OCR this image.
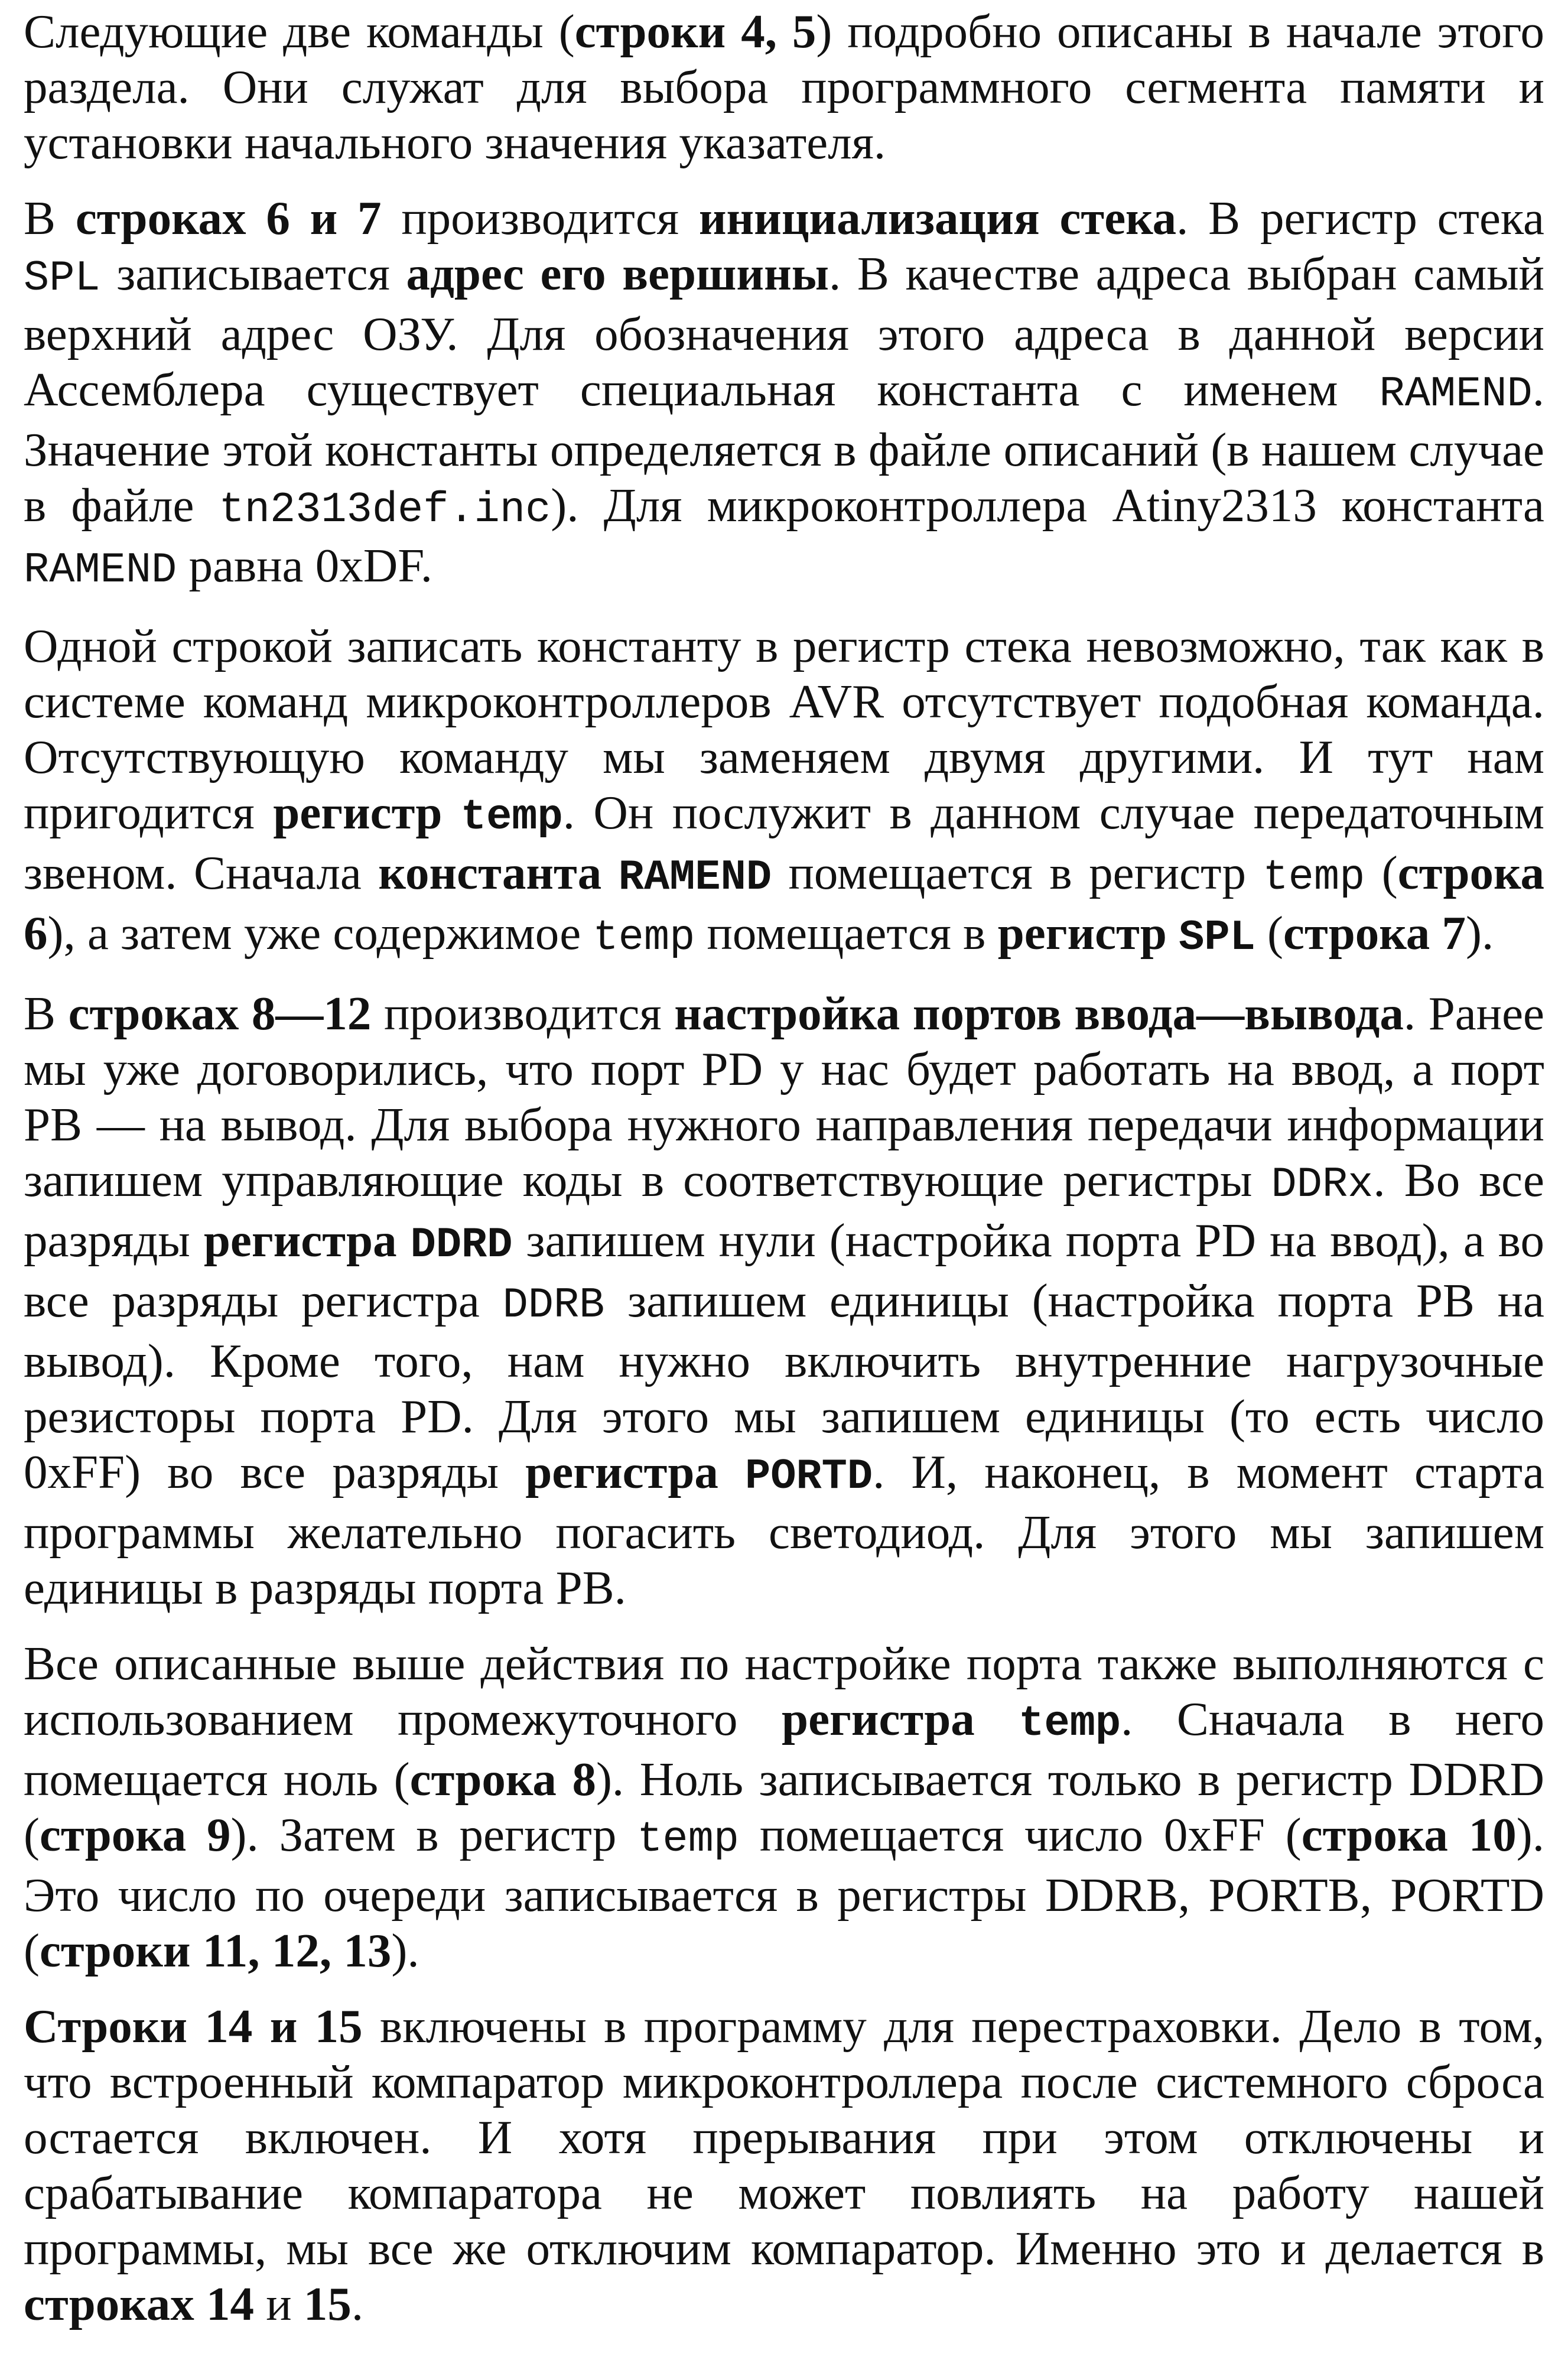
Следующие две команды (строки 4, 5) подробно описаны в начале этого раздела. Они служат для выбора программного сегмента памяти и установки начального значения указателя.

В строках 6 и 7 производится инициализация стека. В регистр стека SPL записывается адрес его вершины. В качестве адреса выбран самый верхний адрес ОЗУ. Для обозначения этого адреса в данной версии Ассемблера существует специальная константа с именем RAMEND. Значение этой константы определяется в файле описаний (в нашем случае в файле tn2313def.inc). Для микроконтроллера Atiny2313 константа RAMEND равна 0xDF.

Одной строкой записать константу в регистр стека невозможно, так как в системе команд микроконтроллеров AVR отсутствует подобная команда. Отсутствующую команду мы заменяем двумя другими. И тут нам пригодится регистр temp. Он послужит в данном случае передаточным звеном. Сначала константа RAMEND помещается в регистр temp (строка 6), а затем уже содержимое temp помещается в регистр SPL (строка 7).

В строках 8—12 производится настройка портов ввода—вывода. Ранее мы уже договорились, что порт PD у нас будет работать на ввод, а порт PB — на вывод. Для выбора нужного направления передачи информации запишем управляющие коды в соответствующие регистры DDRx. Во все разряды регистра DDRD запишем нули (настройка порта PD на ввод), а во все разряды регистра DDRB запишем единицы (настройка порта PB на вывод). Кроме того, нам нужно включить внутренние нагрузочные резисторы порта PD. Для этого мы запишем единицы (то есть число 0xFF) во все разряды регистра PORTD. И, наконец, в момент старта программы желательно погасить светодиод. Для этого мы запишем единицы в разряды порта PB.

Все описанные выше действия по настройке порта также выполняются с использованием промежуточного регистра temp. Сначала в него помещается ноль (строка 8). Ноль записывается только в регистр DDRD (строка 9). Затем в регистр temp помещается число 0xFF (строка 10). Это число по очереди записывается в регистры DDRB, PORTB, PORTD (строки 11, 12, 13).

Строки 14 и 15 включены в программу для перестраховки. Дело в том, что встроенный компаратор микроконтроллера после системного сброса остается включен. И хотя прерывания при этом отключены и срабатывание компаратора не может повлиять на работу нашей программы, мы все же отключим компаратор. Именно это и делается в строках 14 и 15.
